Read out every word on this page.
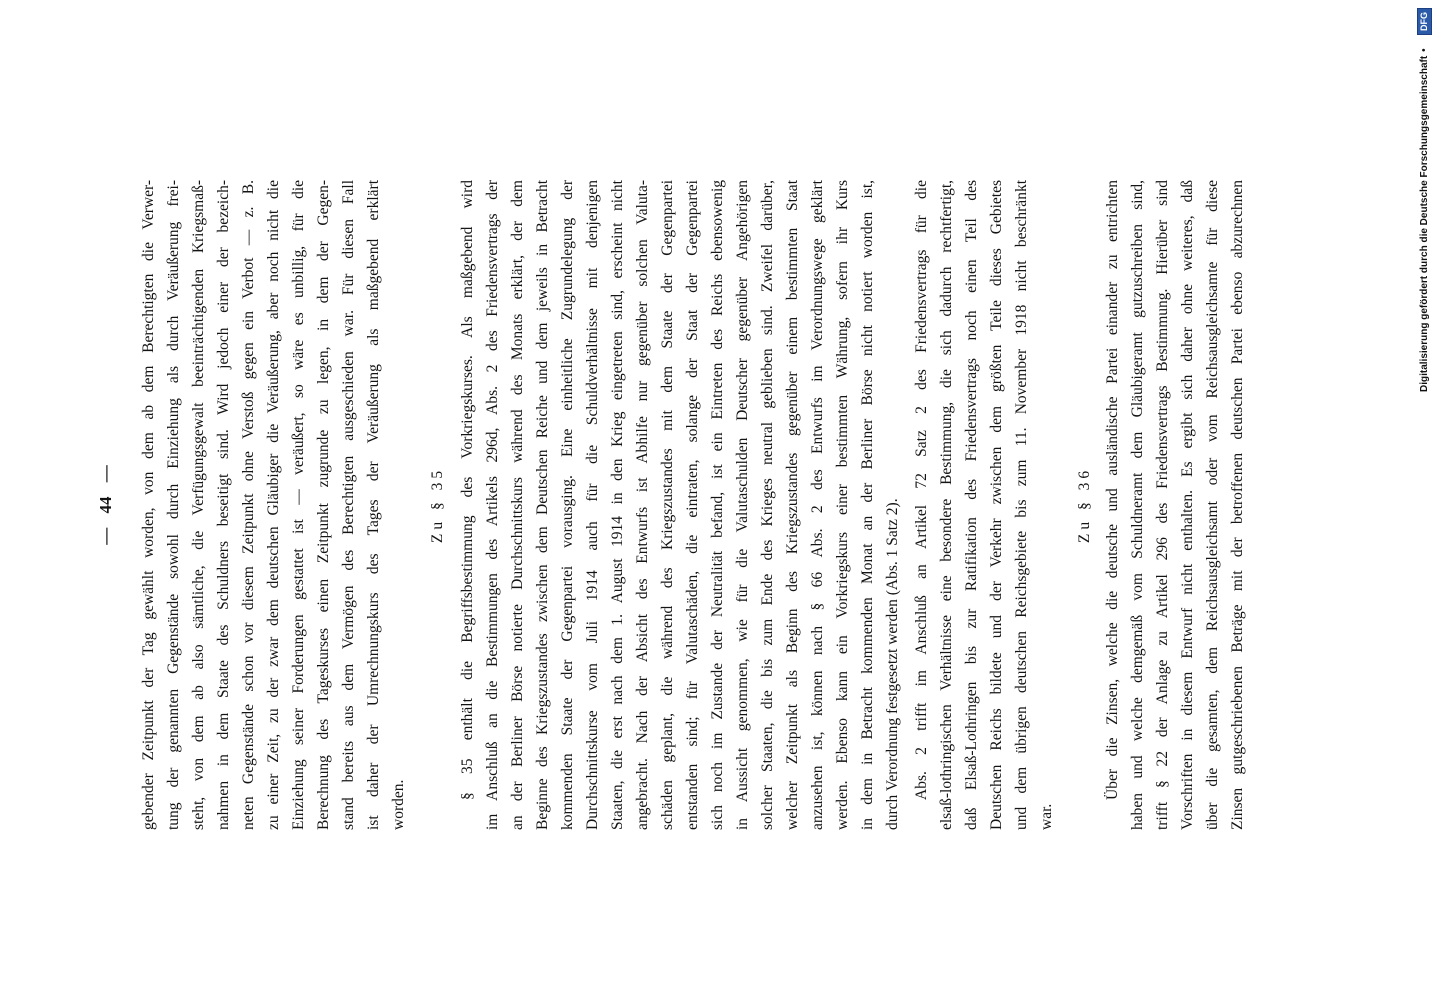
— 44 — gebender Zeitpunkt der Tag gewählt worden, von dem ab dem Berechtigten die Verwer- tung der genannten Gegenstände sowohl durch Einziehung als durch Veräußerung frei- steht, von dem ab also sämtliche, die Verfügungsgewalt beeinträchtigenden Kriegsmaß- nahmen in dem Staate des Schuldners beseitigt sind. Wird jedoch einer der bezeich- neten Gegenstände schon vor diesem Zeitpunkt ohne Verstoß gegen ein Verbot — z. B. zu einer Zeit, zu der zwar dem deutschen Gläubiger die Veräußerung, aber noch nicht die Einziehung seiner Forderungen gestattet ist — veräußert, so wäre es unbillig, für die Berechnung des Tageskurses einen Zeitpunkt zugrunde zu legen, in dem der Gegen- stand bereits aus dem Vermögen des Berechtigten ausgeschieden war. Für diesen Fall ist daher der Umrechnungskurs des Tages der Veräußerung als maßgebend erklärt worden.
Zu § 35 § 35 enthält die Begriffsbestimmung des Vorkriegskurses. Als maßgebend wird im Anschluß an die Bestimmungen des Artikels 296d, Abs. 2 des Friedensvertrags der an der Berliner Börse notierte Durchschnittskurs während des Monats erklärt, der dem Beginne des Kriegszustandes zwischen dem Deutschen Reiche und dem jeweils in Betracht kommenden Staate der Gegenpartei vorausging. Eine einheitliche Zugrundelegung der Durchschnittskurse vom Juli 1914 auch für die Schuldverhältnisse mit denjenigen Staaten, die erst nach dem 1. August 1914 in den Krieg eingetreten sind, erscheint nicht angebracht. Nach der Absicht des Entwurfs ist Abhilfe nur gegenüber solchen Valuta- schäden geplant, die während des Kriegszustandes mit dem Staate der Gegenpartei entstanden sind; für Valutaschäden, die eintraten, solange der Staat der Gegenpartei sich noch im Zustande der Neutralität befand, ist ein Eintreten des Reichs ebensowenig in Aussicht genommen, wie für die Valutaschulden Deutscher gegenüber Angehörigen solcher Staaten, die bis zum Ende des Krieges neutral geblieben sind. Zweifel darüber, welcher Zeitpunkt als Beginn des Kriegszustandes gegenüber einem bestimmten Staat anzusehen ist, können nach § 66 Abs. 2 des Entwurfs im Verordnungswege geklärt werden. Ebenso kann ein Vorkriegskurs einer bestimmten Währung, sofern ihr Kurs in dem in Betracht kommenden Monat an der Berliner Börse nicht notiert worden ist, durch Verordnung festgesetzt werden (Abs. 1 Satz 2). Abs. 2 trifft im Anschluß an Artikel 72 Satz 2 des Friedensvertrags für die elsaß-lothringischen Verhältnisse eine besondere Bestimmung, die sich dadurch rechtfertigt, daß Elsaß-Lothringen bis zur Ratifikation des Friedensvertrags noch einen Teil des Deutschen Reichs bildete und der Verkehr zwischen dem größten Teile dieses Gebietes und dem übrigen deutschen Reichsgebiete bis zum 11. November 1918 nicht beschränkt war.
Zu § 36 Über die Zinsen, welche die deutsche und ausländische Partei einander zu entrichten haben und welche demgemäß vom Schuldneramt dem Gläubigeramt gutzuschreiben sind, trifft § 22 der Anlage zu Artikel 296 des Friedensvertrags Bestimmung. Hierüber sind Vorschriften in diesem Entwurf nicht enthalten. Es ergibt sich daher ohne weiteres, daß über die gesamten, dem Reichsausgleichsamt oder vom Reichsausgleichsamte für diese Zinsen gutgeschriebenen Beträge mit der betroffenen deutschen Partei ebenso abzurechnen	Digitalisierung gefördert durch die Deutsche Forschungsgemeinschaft
•
DFG
